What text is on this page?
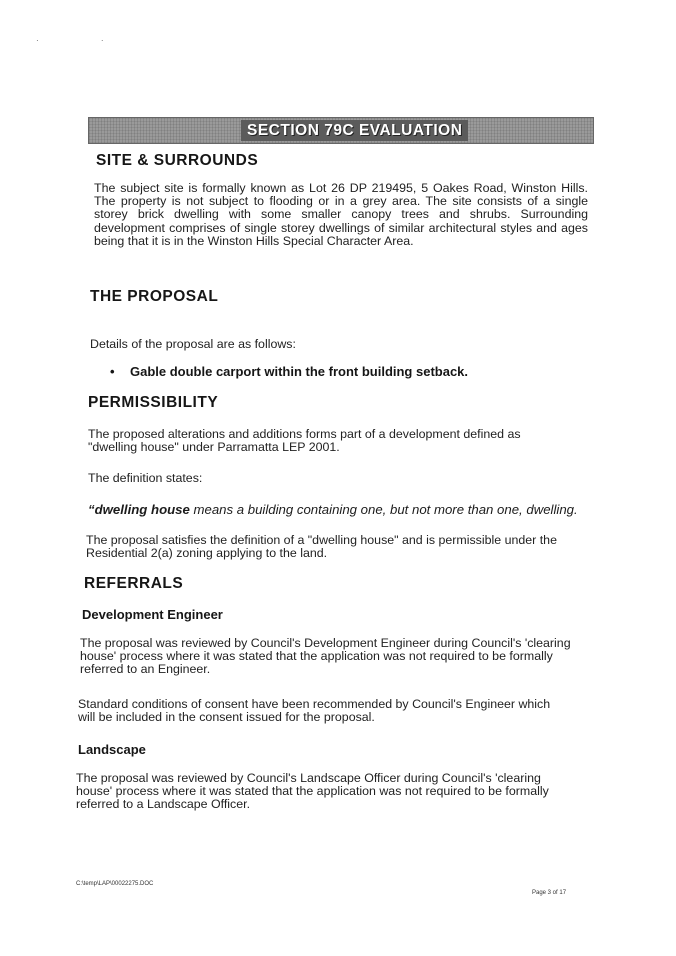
· ·
SECTION 79C EVALUATION
SITE & SURROUNDS

The subject site is formally known as Lot 26 DP 219495, 5 Oakes Road, Winston Hills. The property is not subject to flooding or in a grey area. The site consists of a single storey brick dwelling with some smaller canopy trees and shrubs. Surrounding development comprises of single storey dwellings of similar architectural styles and ages being that it is in the Winston Hills Special Character Area.

THE PROPOSAL

Details of the proposal are as follows:

• Gable double carport within the front building setback.
PERMISSIBILITY

The proposed alterations and additions forms part of a development defined as "dwelling house" under Parramatta LEP 2001.

The definition states:

“dwelling house means a building containing one, but not more than one, dwelling.

The proposal satisfies the definition of a "dwelling house" and is permissible under the Residential 2(a) zoning applying to the land.

REFERRALS
Development Engineer

The proposal was reviewed by Council's Development Engineer during Council's 'clearing house' process where it was stated that the application was not required to be formally referred to an Engineer.

Standard conditions of consent have been recommended by Council's Engineer which will be included in the consent issued for the proposal.

Landscape

The proposal was reviewed by Council's Landscape Officer during Council's 'clearing house' process where it was stated that the application was not required to be formally referred to a Landscape Officer.

C:\temp\LAP\00022275.DOC
Page 3 of 17
